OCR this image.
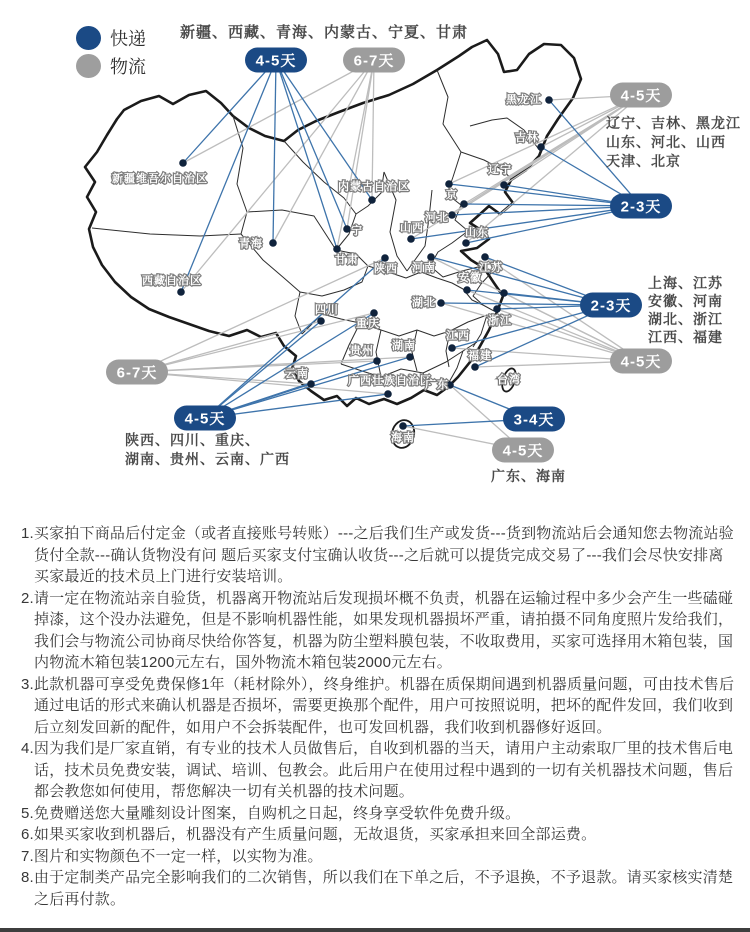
新疆维吾尔自治区
西藏自治区
青海
内蒙古自治区
宁
甘肃
黑龙江
吉林
辽宁
京
河北
山西	山东
河南
陕西	江苏
安徽
湖北
浙江
江西
湖南
重庆
四川
贵州
云南
广西壮族自治区
广东
福建
海南
台湾
快递
物流	4-5天	6-7天
4-5天
2-3天
2-3天
4-5天
6-7天
4-5天	3-4天
4-5天
新疆、西藏、青海、内蒙古、宁夏、甘肃
辽宁、吉林、黑龙江
山东、河北、山西
天津、北京
上海、江苏
安徽、河南
湖北、浙江
江西、福建
陕西、四川、重庆、
湖南、贵州、云南、广西
广东、海南

1.买家拍下商品后付定金（或者直接账号转账）---之后我们生产或发货---货到物流站后会通知您去物流站验货付全款---确认货物没有问 题后买家支付宝确认收货---之后就可以提货完成交易了---我们会尽快安排离买家最近的技术员上门进行安装培训。

2.请一定在物流站亲自验货，机器离开物流站后发现损坏概不负责，机器在运输过程中多少会产生一些磕碰掉漆，这个没办法避免，但是不影响机器性能，如果发现机器损坏严重，请拍摄不同角度照片发给我们，我们会与物流公司协商尽快给你答复，机器为防尘塑料膜包装，不收取费用，买家可选择用木箱包装，国内物流木箱包装1200元左右，国外物流木箱包装2000元左右。

3.此款机器可享受免费保修1年（耗材除外），终身维护。机器在质保期间遇到机器质量问题，可由技术售后通过电话的形式来确认机器是否损坏，需要更换那个配件，用户可按照说明，把坏的配件发回，我们收到后立刻发回新的配件，如用户不会拆装配件，也可发回机器，我们收到机器修好返回。

4.因为我们是厂家直销，有专业的技术人员做售后，自收到机器的当天，请用户主动索取厂里的技术售后电话，技术员免费安装，调试、培训、包教会。此后用户在使用过程中遇到的一切有关机器技术问题，售后都会教您如何使用，帮您解决一切有关机器的技术问题。

5.免费赠送您大量雕刻设计图案，自购机之日起，终身享受软件免费升级。

6.如果买家收到机器后，机器没有产生质量问题，无故退货，买家承担来回全部运费。

7.图片和实物颜色不一定一样，以实物为准。

8.由于定制类产品完全影响我们的二次销售，所以我们在下单之后，不予退换，不予退款。请买家核实清楚之后再付款。
